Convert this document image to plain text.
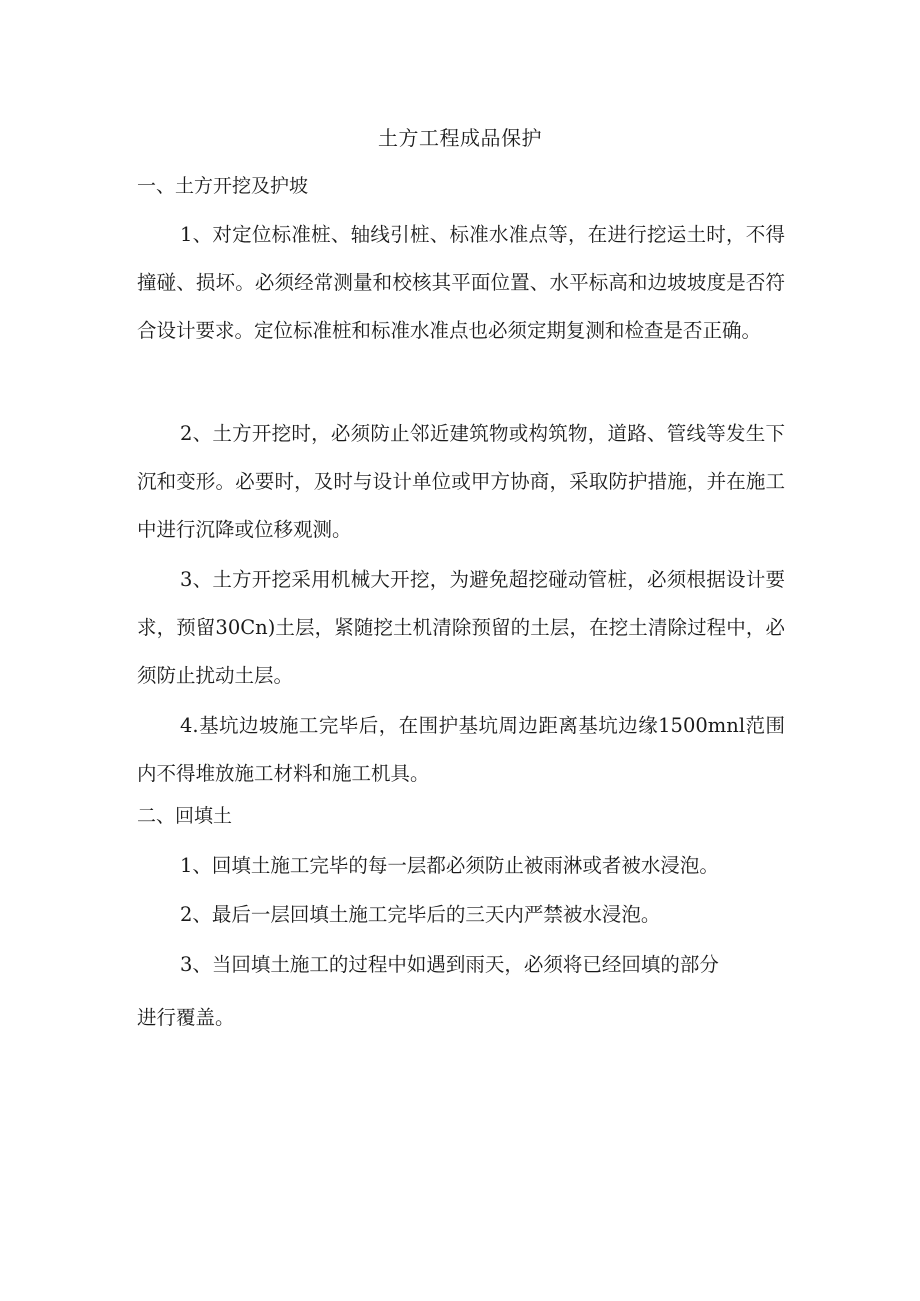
土方工程成品保护
一、土方开挖及护坡
1、对定位标准桩、轴线引桩、标准水准点等，在进行挖运土时，不得撞碰、损坏。必须经常测量和校核其平面位置、水平标高和边坡坡度是否符合设计要求。定位标准桩和标准水准点也必须定期复测和检查是否正确。
2、土方开挖时，必须防止邻近建筑物或构筑物，道路、管线等发生下沉和变形。必要时，及时与设计单位或甲方协商，采取防护措施，并在施工中进行沉降或位移观测。
3、土方开挖采用机械大开挖，为避免超挖碰动管桩，必须根据设计要求，预留30Cn)土层，紧随挖土机清除预留的土层，在挖土清除过程中，必须防止扰动土层。
4.基坑边坡施工完毕后，在围护基坑周边距离基坑边缘1500mnl范围内不得堆放施工材料和施工机具。
二、回填土
1、回填土施工完毕的每一层都必须防止被雨淋或者被水浸泡。
2、最后一层回填土施工完毕后的三天内严禁被水浸泡。
3、当回填土施工的过程中如遇到雨天，必须将已经回填的部分
进行覆盖。
